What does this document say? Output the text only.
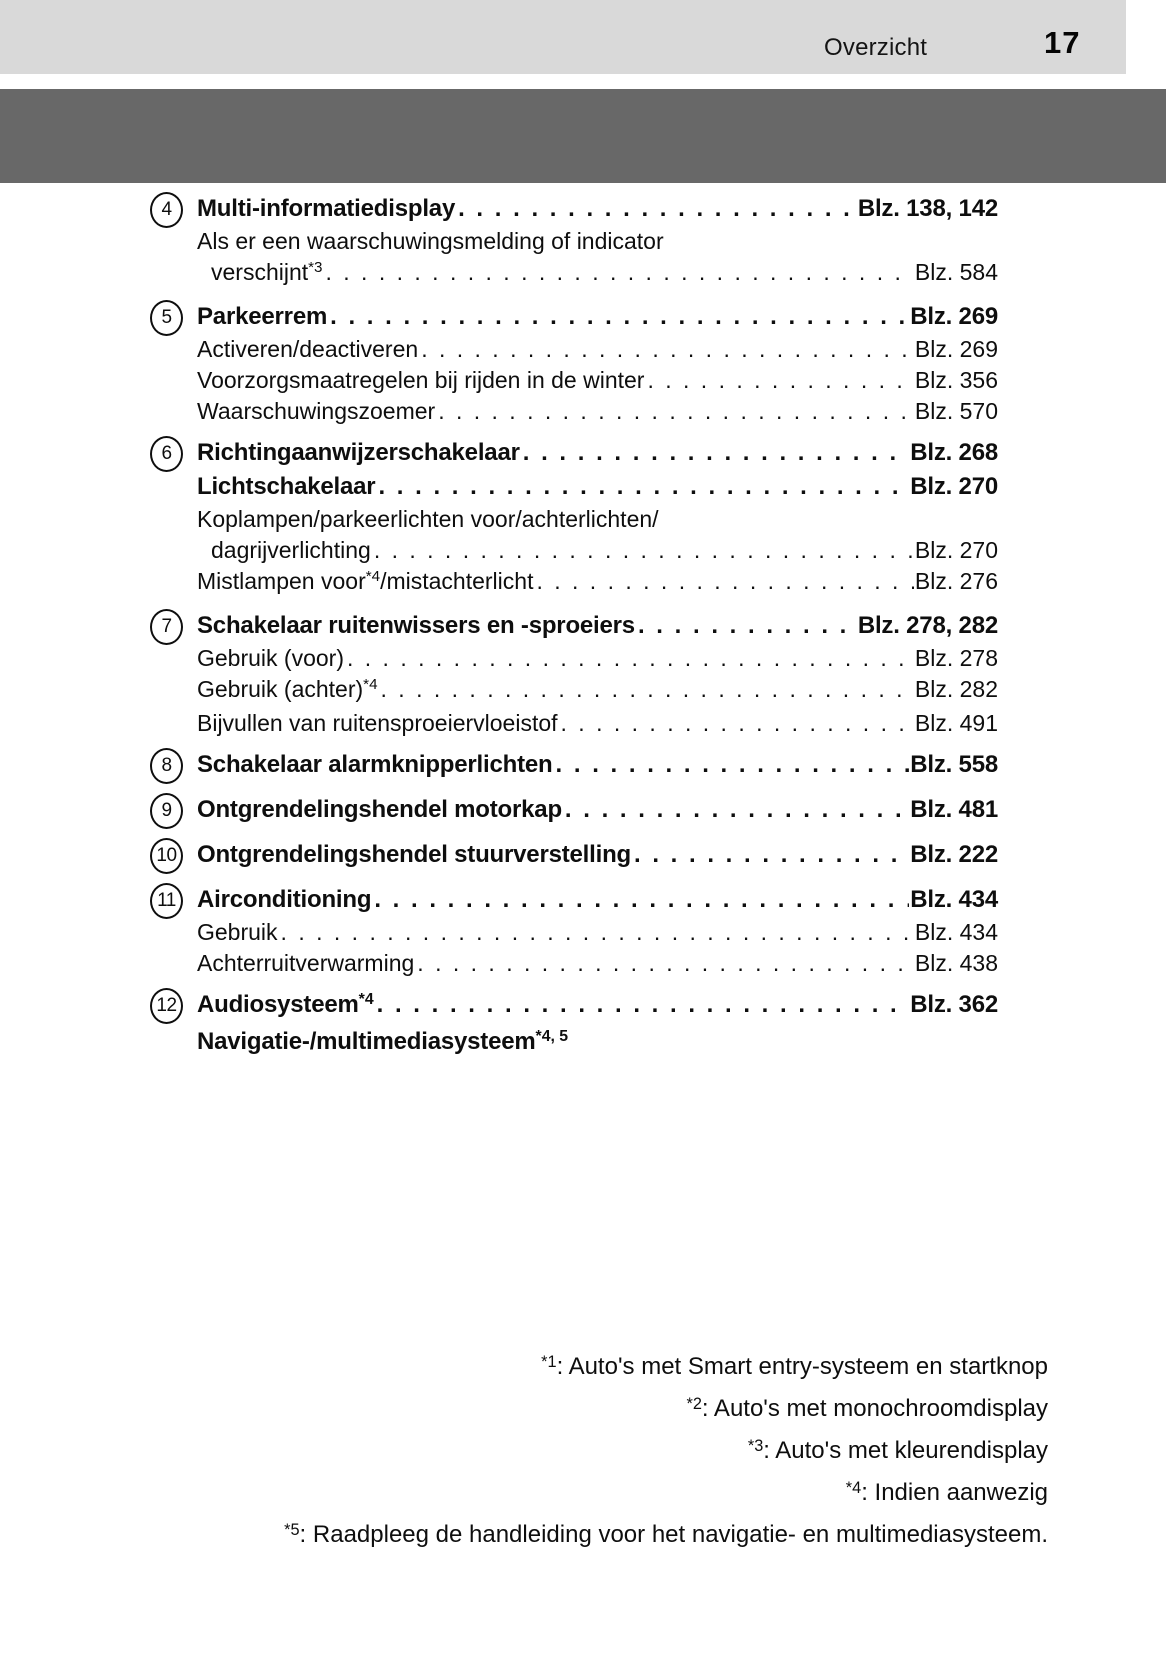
Overzicht	17
4	Multi-informatiedisplay . . .	Blz. 138, 142
Als er een waarschuwingsmelding of indicator
verschijnt*3 . . .	Blz. 584
5	Parkeerrem . . .	Blz. 269
Activeren/deactiveren . . .	Blz. 269
Voorzorgsmaatregelen bij rijden in de winter . . .	Blz. 356
Waarschuwingszoemer . . .	Blz. 570
6	Richtingaanwijzerschakelaar . . .	Blz. 268
Lichtschakelaar . . .	Blz. 270
Koplampen/parkeerlichten voor/achterlichten/
dagrijverlichting . . .	Blz. 270
Mistlampen voor*4/mistachterlicht . . .	Blz. 276
7	Schakelaar ruitenwissers en -sproeiers . . .	Blz. 278, 282
Gebruik (voor) . . .	Blz. 278
Gebruik (achter)*4 . . .	Blz. 282
Bijvullen van ruitensproeiervloeistof . . .	Blz. 491
8	Schakelaar alarmknipperlichten . . .	Blz. 558
9	Ontgrendelingshendel motorkap . . .	Blz. 481
10 Ontgrendelingshendel stuurverstelling . . .	Blz. 222
11 Airconditioning . . .	Blz. 434
Gebruik . . .	Blz. 434
Achterruitverwarming . . .	Blz. 438
12 Audiosysteem*4 . . .	Blz. 362
Navigatie-/multimediasysteem*4, 5
*1: Auto's met Smart entry-systeem en startknop
*2: Auto's met monochroomdisplay
*3: Auto's met kleurendisplay
*4: Indien aanwezig
*5: Raadpleeg de handleiding voor het navigatie- en multimediasysteem.
